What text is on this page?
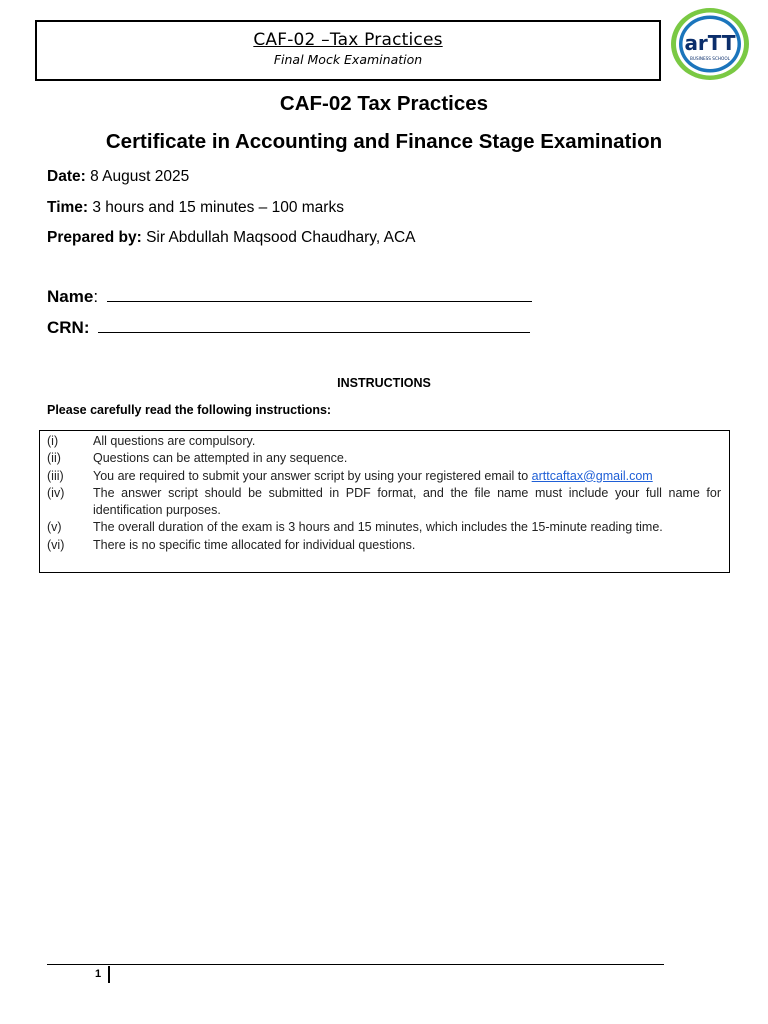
CAF-02 –Tax Practices
Final Mock Examination
arTT
BUSINESS SCHOOL
CAF-02 Tax Practices
Certificate in Accounting and Finance Stage Examination
Date: 8 August 2025
Time: 3 hours and 15 minutes – 100 marks
Prepared by: Sir Abdullah Maqsood Chaudhary, ACA
Name:
CRN:
INSTRUCTIONS
Please carefully read the following instructions:
(i)	All questions are compulsory.
(ii)	Questions can be attempted in any sequence.
(iii)	You are required to submit your answer script by using your registered email to arttcaftax@gmail.com
(iv)	The answer script should be submitted in PDF format, and the file name must include your full name for identification purposes.
(v)	The overall duration of the exam is 3 hours and 15 minutes, which includes the 15-minute reading time.
(vi)	There is no specific time allocated for individual questions.
1
